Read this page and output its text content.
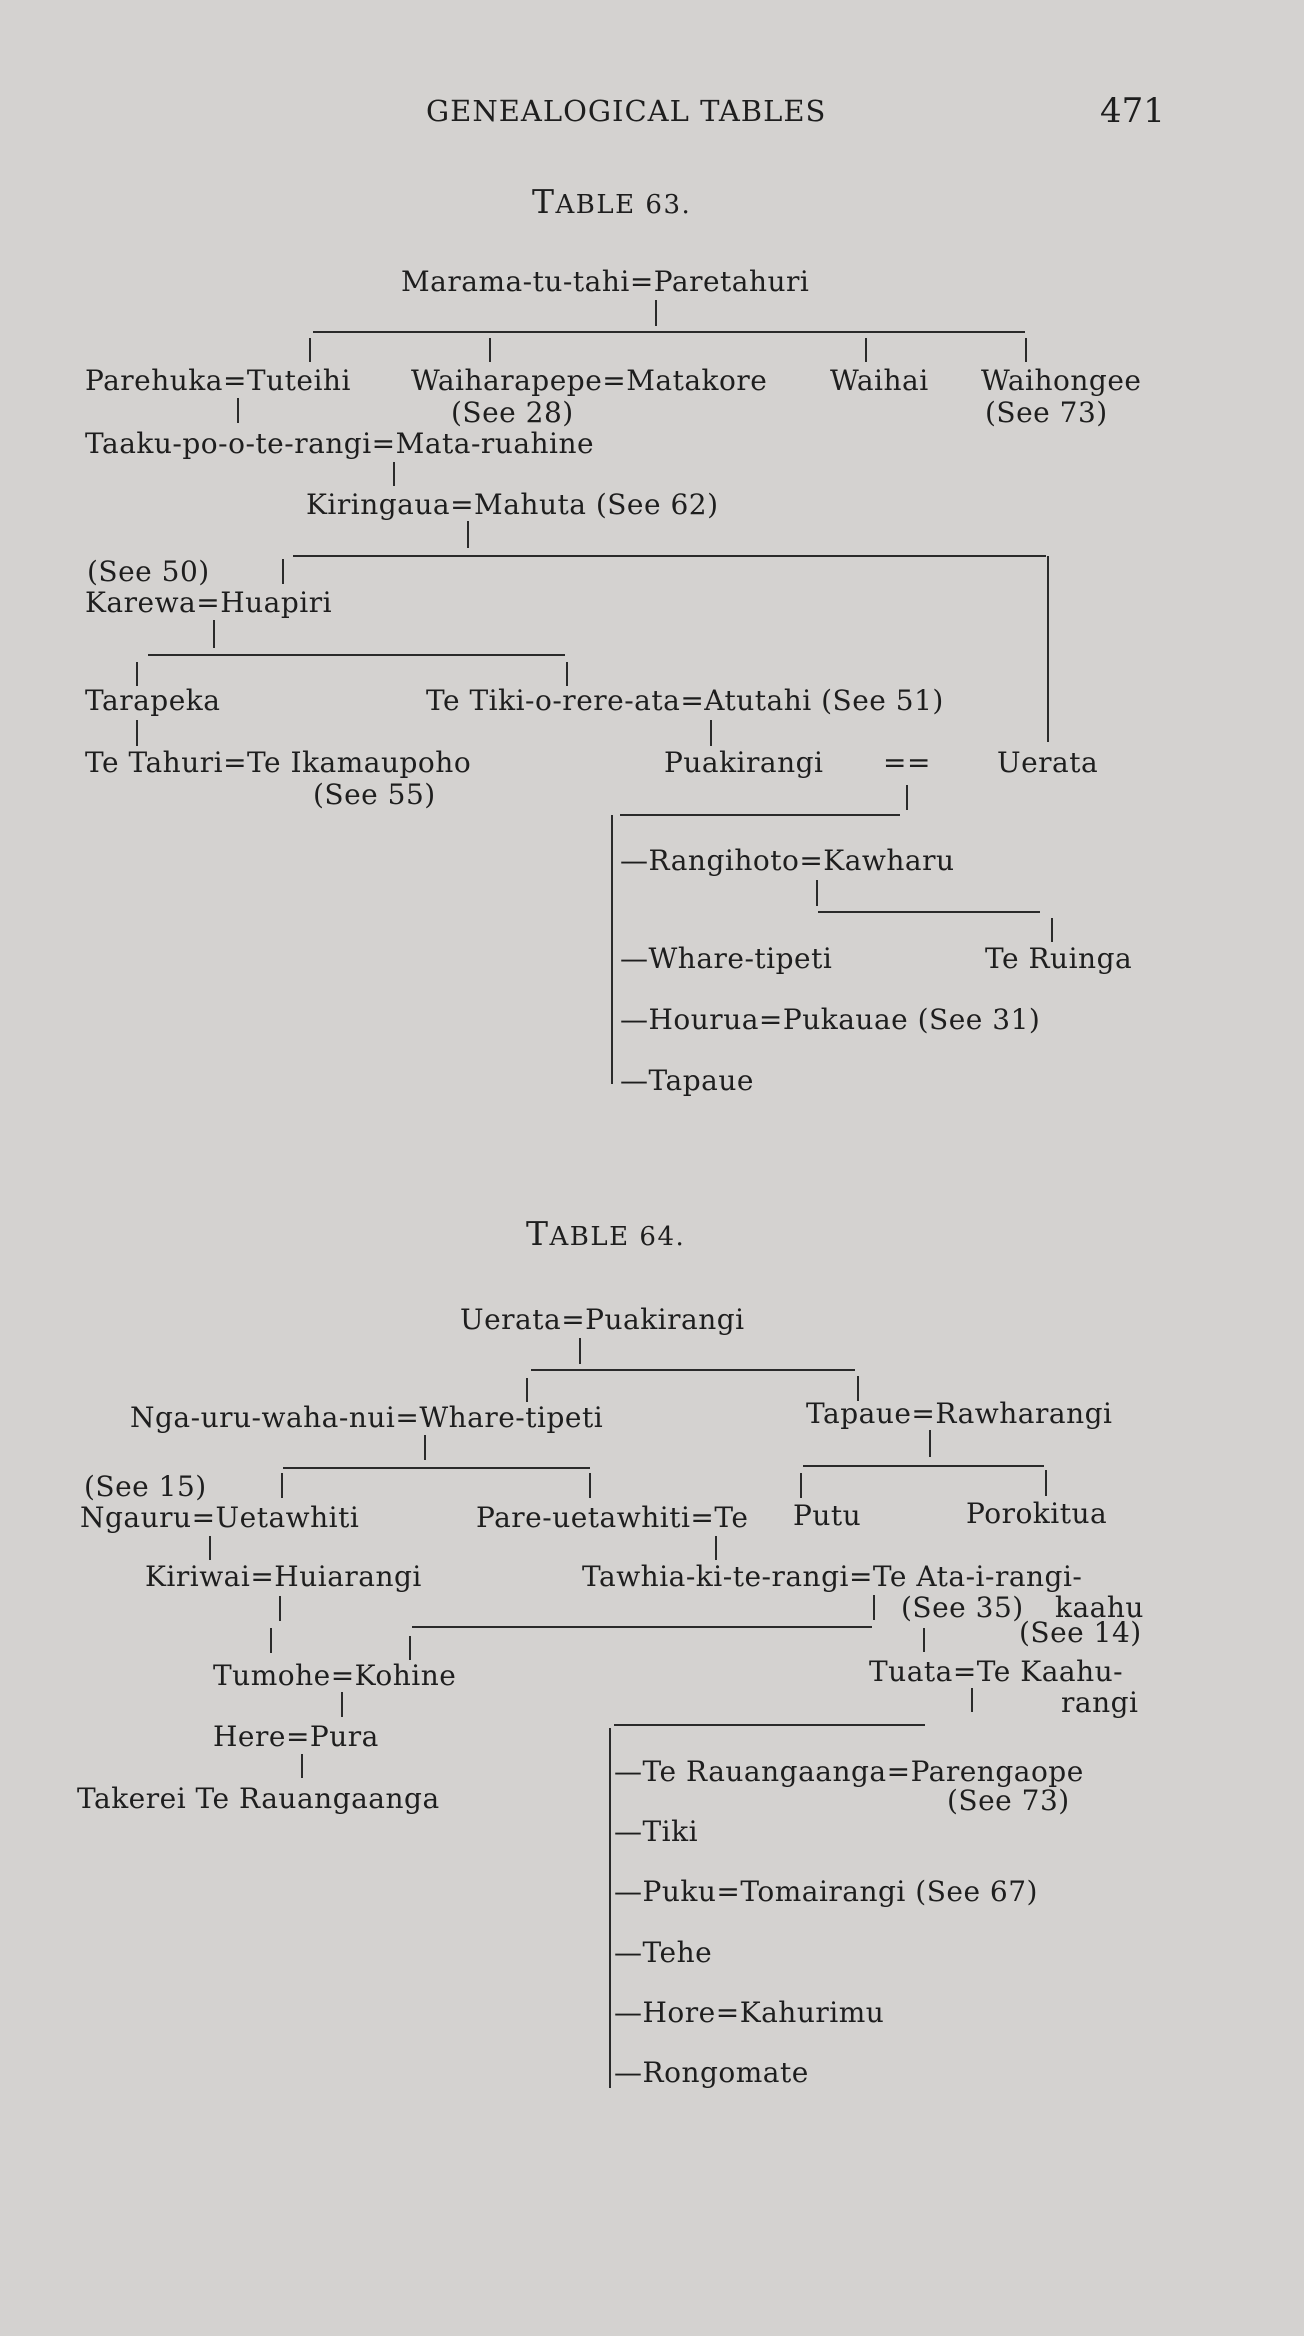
GENEALOGICAL TABLES	471
TABLE 63.
Marama-tu-tahi=Paretahuri
Parehuka=Tuteihi Waiharapepe=Matakore
(See 28)
Waihai Waihongee
(See 73)
Taaku-po-o-te-rangi=Mata-ruahine
Kiringaua=Mahuta (See 62)
(See 50)
Karewa=Huapiri
Tarapeka	Te Tiki-o-rere-ata=Atutahi (See 51)
Te Tahuri=Te Ikamaupoho
(See 55)
Puakirangi == Uerata
—Rangihoto=Kawharu
—Whare-tipeti	Te Ruinga
—Hourua=Pukauae (See 31)
—Tapaue
TABLE 64.
Uerata=Puakirangi
Nga-uru-waha-nui=Whare-tipeti	Tapaue=Rawharangi
(See 15)
Ngauru=Uetawhiti	Pare-uetawhiti=Te Putu	Porokitua
Kiriwai=Huiarangi	Tawhia-ki-te-rangi=Te Ata-i-rangi-
(See 35) kaahu
(See 14)
Tumohe=Kohine	Tuata=Te Kaahu-
rangi
Here=Pura
Takerei Te Rauangaanga
—Te Rauangaanga=Parengaope
(See 73)
—Tiki
—Puku=Tomairangi (See 67)
—Tehe
—Hore=Kahurimu
—Rongomate
